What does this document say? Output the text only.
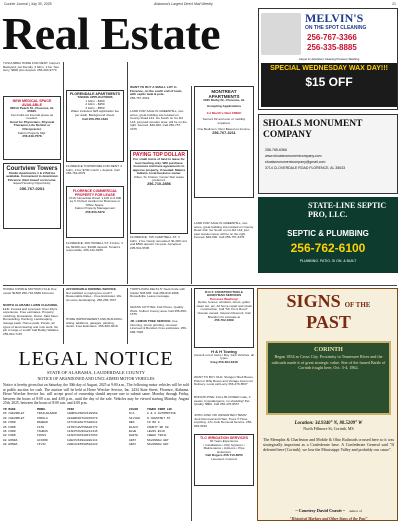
Courier Journal | July 30, 2025	Alabama's Largest Direct Mail Weekly	21
Real Estate
TUSCUMBIA HOME FOR RENT. Carport, Backyard, pet friendly, 3 bdrm, 2 ba. Two story, $900 plus deposit. 256-263-9770
NEW MEDICAL SPACE AVAILABLE
3901A Peach St., Florence, AL 35630.
Can build out internal space as needed.
Great for Physicians, Physical Therapist, Life Dentist or Chiropractor.
Kairos Property Mgt.
256-349-7578
Courtview Towers
Studio Apartments 1 & 2 Bdrms available. Convenient to downtown Florence. Rent based on income.
Equal Housing Opportunity
256-767-0201
FLORENDALE APARTMENTS
TAKING APPLICATIONS
1 bdrm - $400
2 bdrm - $450
3 bdrm - $550
Water included. $25 application fee per adult. Background check.
Call 256-766-1623
FLORENCE TOWNHOME FOR RENT. 2 bdrm, 2 ba, $700 month + deposit. Call 256-762-2879
FLORENCE COMMERCIAL PROPERTY FOR LEASE
3716 Cloverdale Road. 1,100 to 6,600 sq ft. Perfect location for Business or Office Space.
Kairos Property Management
256-656-5379
FLORENCE: 306 HOWELL ST. 4 bdrm, 3 ba, $1000 rent, $1000 deposit. Tenant's responsible. 256-412-0205
WANT TO BUY A SMALL LOT in Florence, on the south end of town, with septic tank & pole.
256-767-3619
LAND FOR SALE IN GREENHILL. two acres, great building site located on County Road 144. Go South on Co Rd 144; just past wooden area; will be on the right. Fenced. $46,000. Call 256-757-3376
PAYING TOP DOLLAR
For small tracts of land to lease for bow hunting only. Will purchase insurance and have agreements to approve property, if needed. Mature Indians, local business owner.
Killen, St. Florian, Center Star areas preferred.
256-710-2856
FLORENCE: 705 CAMP BELL ST. 3 bdrm, 2 ba. Newly renovated. $1,000 rent and $500 deposit. No pets. Accepted. 205-541-5535
MONTREAT APARTMENTS
1035 Darby Dr., Florence, AL
Accepting Applications
1st Month's Rent FREE!
Seniors 62 and over or mobility impaired.
One Bedroom, Rent Based on Income.
256-767-3211
LAND FOR SALE IN GREENHILL, two acres, great building site located on County Road 144. Go South on Co Rd 144; just past wooden area; will be on the right. Fenced. $46,000. Call 256-757-3376
MELVIN'S
ON THE SPOT CLEANING
256-767-3366
256-335-8885
Carpet & Upholstery Cleaning Pressure Washing
SPECIAL WEDNESDAY WAX DAY!!!
$15 OFF
SHOALS MONUMENT COMPANY
256-765-6366
www.shoalsmonumentcompany.com
shoalsmonumentcompany@gmail.com
3714 CLOVERDALE ROAD FLORENCE, AL 35633
STATE-LINE SEPTIC PRO, LLC.
SEPTIC & PLUMBING
256-762-6100
PLUMBING. PATIO. SI ON. & BUILT
HONDA CX500 E MOTORCYCLE One owner $1500 256-710-6689 Florence
NORTH ALABAMA LAWN CLEANING, LLC. Insured and Licensed. Over 40yrs experience. Free estimates. Property mulching, Excavation, Dozer, Skid Steer. Remodeling, Painting, Landscaping. Garage pads, House pads, Ponds, all types of land clearing and rock work. No job to large or small! Call Bobby Wallace 256-810-7197
AFFORDABLE MOWING SERVICE
Not satisfied or paying too much? Reasonable Rates - Free Estimates. We do some landscaping. 256-284-7937
HOME IMPROVEMENT AND BUILDING: siding, additions, garages, painting, decks. Free Estimates. 256-383-3218
TOPPS PAPA DELTA 5" Neck Knife with holster $45 NIB. Call 256-810-1808 Russellville. Leave message.
GRASS CUTTING: Fair Prices, Quality Work. Colbert County area. Call 256-656-1575
JR. LEMON TREE SERVICE: tree trimming, stump grinding, removal. Licensed & Bonded. Free estimates. 256-998-7028
R.O.T. CONSTRUCTION & HANDYMAN SERVICES
Pressure Washing!
Decks, fences, windows, doors, gutter clean out, etc. All home repair and small construction. Call "Mr. Fix-It Rood" Veteran owned, Veteran Discount. Call Brandon for estimate at
256-762-0489
H & H Towing
(local & out of town) I Buy Junk Vehicles, all types
Greg 256-394-6348
WANT TO BUY OLD: Shotgun Shell Boxes, Pistol or Rifle Boxes and Vintage Ammo for Delivery. Local call Larry 256-476-8537
BONCHI-PINE: FULL BLOODED male, 3 weeks, hypoallergenic, no shedding! Pet Quality, $800. Call 256-476-8537
JOHN JUNK OR UNWANTED ITEMS! Junk Removal and Haul, Trees ® Hose anything. JJ's Junk Removal Service. 256-849-6916
TLC IRRIGATION SERVICES
30 Years Experience
• Installations • Drip Systems • Maintenance • Add-ons • Pipe Extension
Call Rogers 256-710-8050
Licensed • Insured
LEGAL NOTICE
STATE OF ALABAMA, LAUDERDALE COUNTY
NOTICE OF ABANDONED AND UNCLAIMED MOTOR VEHICLES
Notice is hereby given that on Saturday, the 30th day of August, 2025 at 9:00 a.m., The following motor vehicles will be sold at public auction for cash. The auction will be held at Howe Wrecker Service, Inc. 2434 State Street, Florence, Alabama. Howe Wrecker Service Inc. will accept proof of ownership should anyone care to submit same. Monday through Friday, between the hours of 8:00 a.m. and 4:00 p.m., until the day of the sale. Vehicles may be viewed starting Monday, August 25th, 2025, between the hours of 8:00 a.m. and 4:00 p.m.
YR MAKE	MODEL	VIN#	COLOR	TOWED FROM LOC
05 CHEVROLET	TRAILBLAZER	1GNDS13S652189958	N/A	A & A AUTOMOTIVE
08 CHEVROLET	IMPALA	2G1WB58K789345678	SILVER	N CHESTNUT ST
96 FORD	RANGER	1FTCR10A8TTA00011	RED	CO RD 8
05 FORD	F150	1FTRX12W75NA06772	BLACK	COUNTY RD 60
06 FORD	TAURUS	1FAFP53U36A212345	BLUE	LEWIS BLVD
02 FORD	FOCUS	1FAFP34P32W197654	WHITE	CREEK TRAIL
08 HONDA	ACCORD	1HGCP26398A088111	GRAY	SAVANNAH HWY
09 HONDA	CIVIC	2HGFA16559H502223	GRAY	SAVANNAH HWY
SIGNS OF THE
PAST
CORINTH
Began 1854 as Cross City. Proximity to Tennessee River and the railroads made it of great strategic value. Site of the famed Battle of Corinth fought here, Oct. 3-4, 1862.
Location: 34.9340° N, 88.5209° W
North Fillmore St, Corinth, MS
The Memphis & Charleston and Mobile & Ohio Railroads crossed here so it was strategically important as a Confederate base. A Confederate General said "If defeated here [Corinth], we lose the Mississippi Valley and probably our cause".
~ Courtesy David Curott ~ author of
"Historical Markers and Other Signs of the Past"
